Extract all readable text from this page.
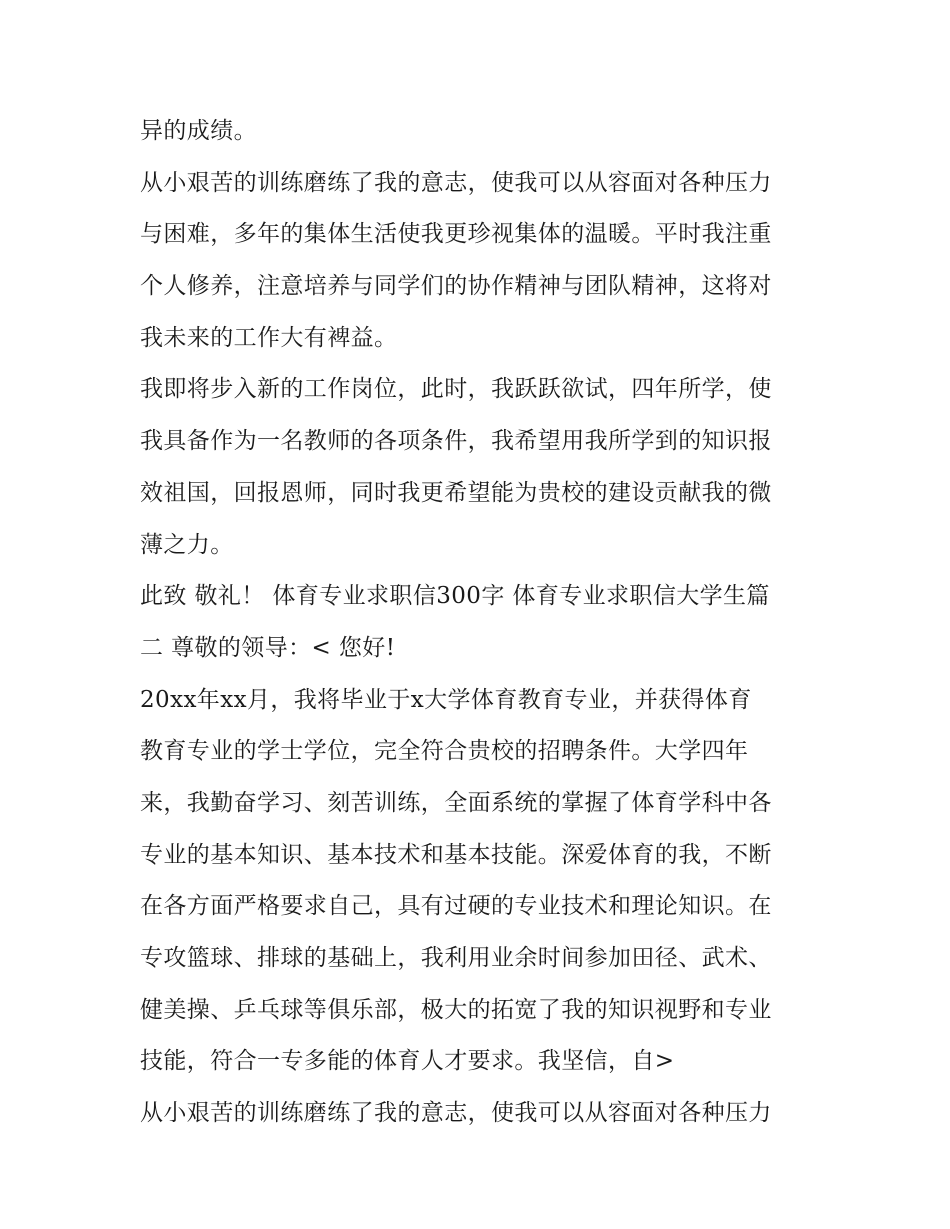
异的成绩。
从小艰苦的训练磨练了我的意志，使我可以从容面对各种压力
与困难，多年的集体生活使我更珍视集体的温暖。平时我注重
个人修养，注意培养与同学们的协作精神与团队精神，这将对
我未来的工作大有裨益。
我即将步入新的工作岗位，此时，我跃跃欲试，四年所学，使
我具备作为一名教师的各项条件，我希望用我所学到的知识报
效祖国，回报恩师，同时我更希望能为贵校的建设贡献我的微
薄之力。
此致 敬礼！ 体育专业求职信300字 体育专业求职信大学生篇
二 尊敬的领导：< 您好!
20xx年xx月，我将毕业于x大学体育教育专业，并获得体育
教育专业的学士学位，完全符合贵校的招聘条件。大学四年
来，我勤奋学习、刻苦训练，全面系统的掌握了体育学科中各
专业的基本知识、基本技术和基本技能。深爱体育的我，不断
在各方面严格要求自己，具有过硬的专业技术和理论知识。在
专攻篮球、排球的基础上，我利用业余时间参加田径、武术、
健美操、乒乓球等俱乐部，极大的拓宽了我的知识视野和专业
技能，符合一专多能的体育人才要求。我坚信，自>
从小艰苦的训练磨练了我的意志，使我可以从容面对各种压力
